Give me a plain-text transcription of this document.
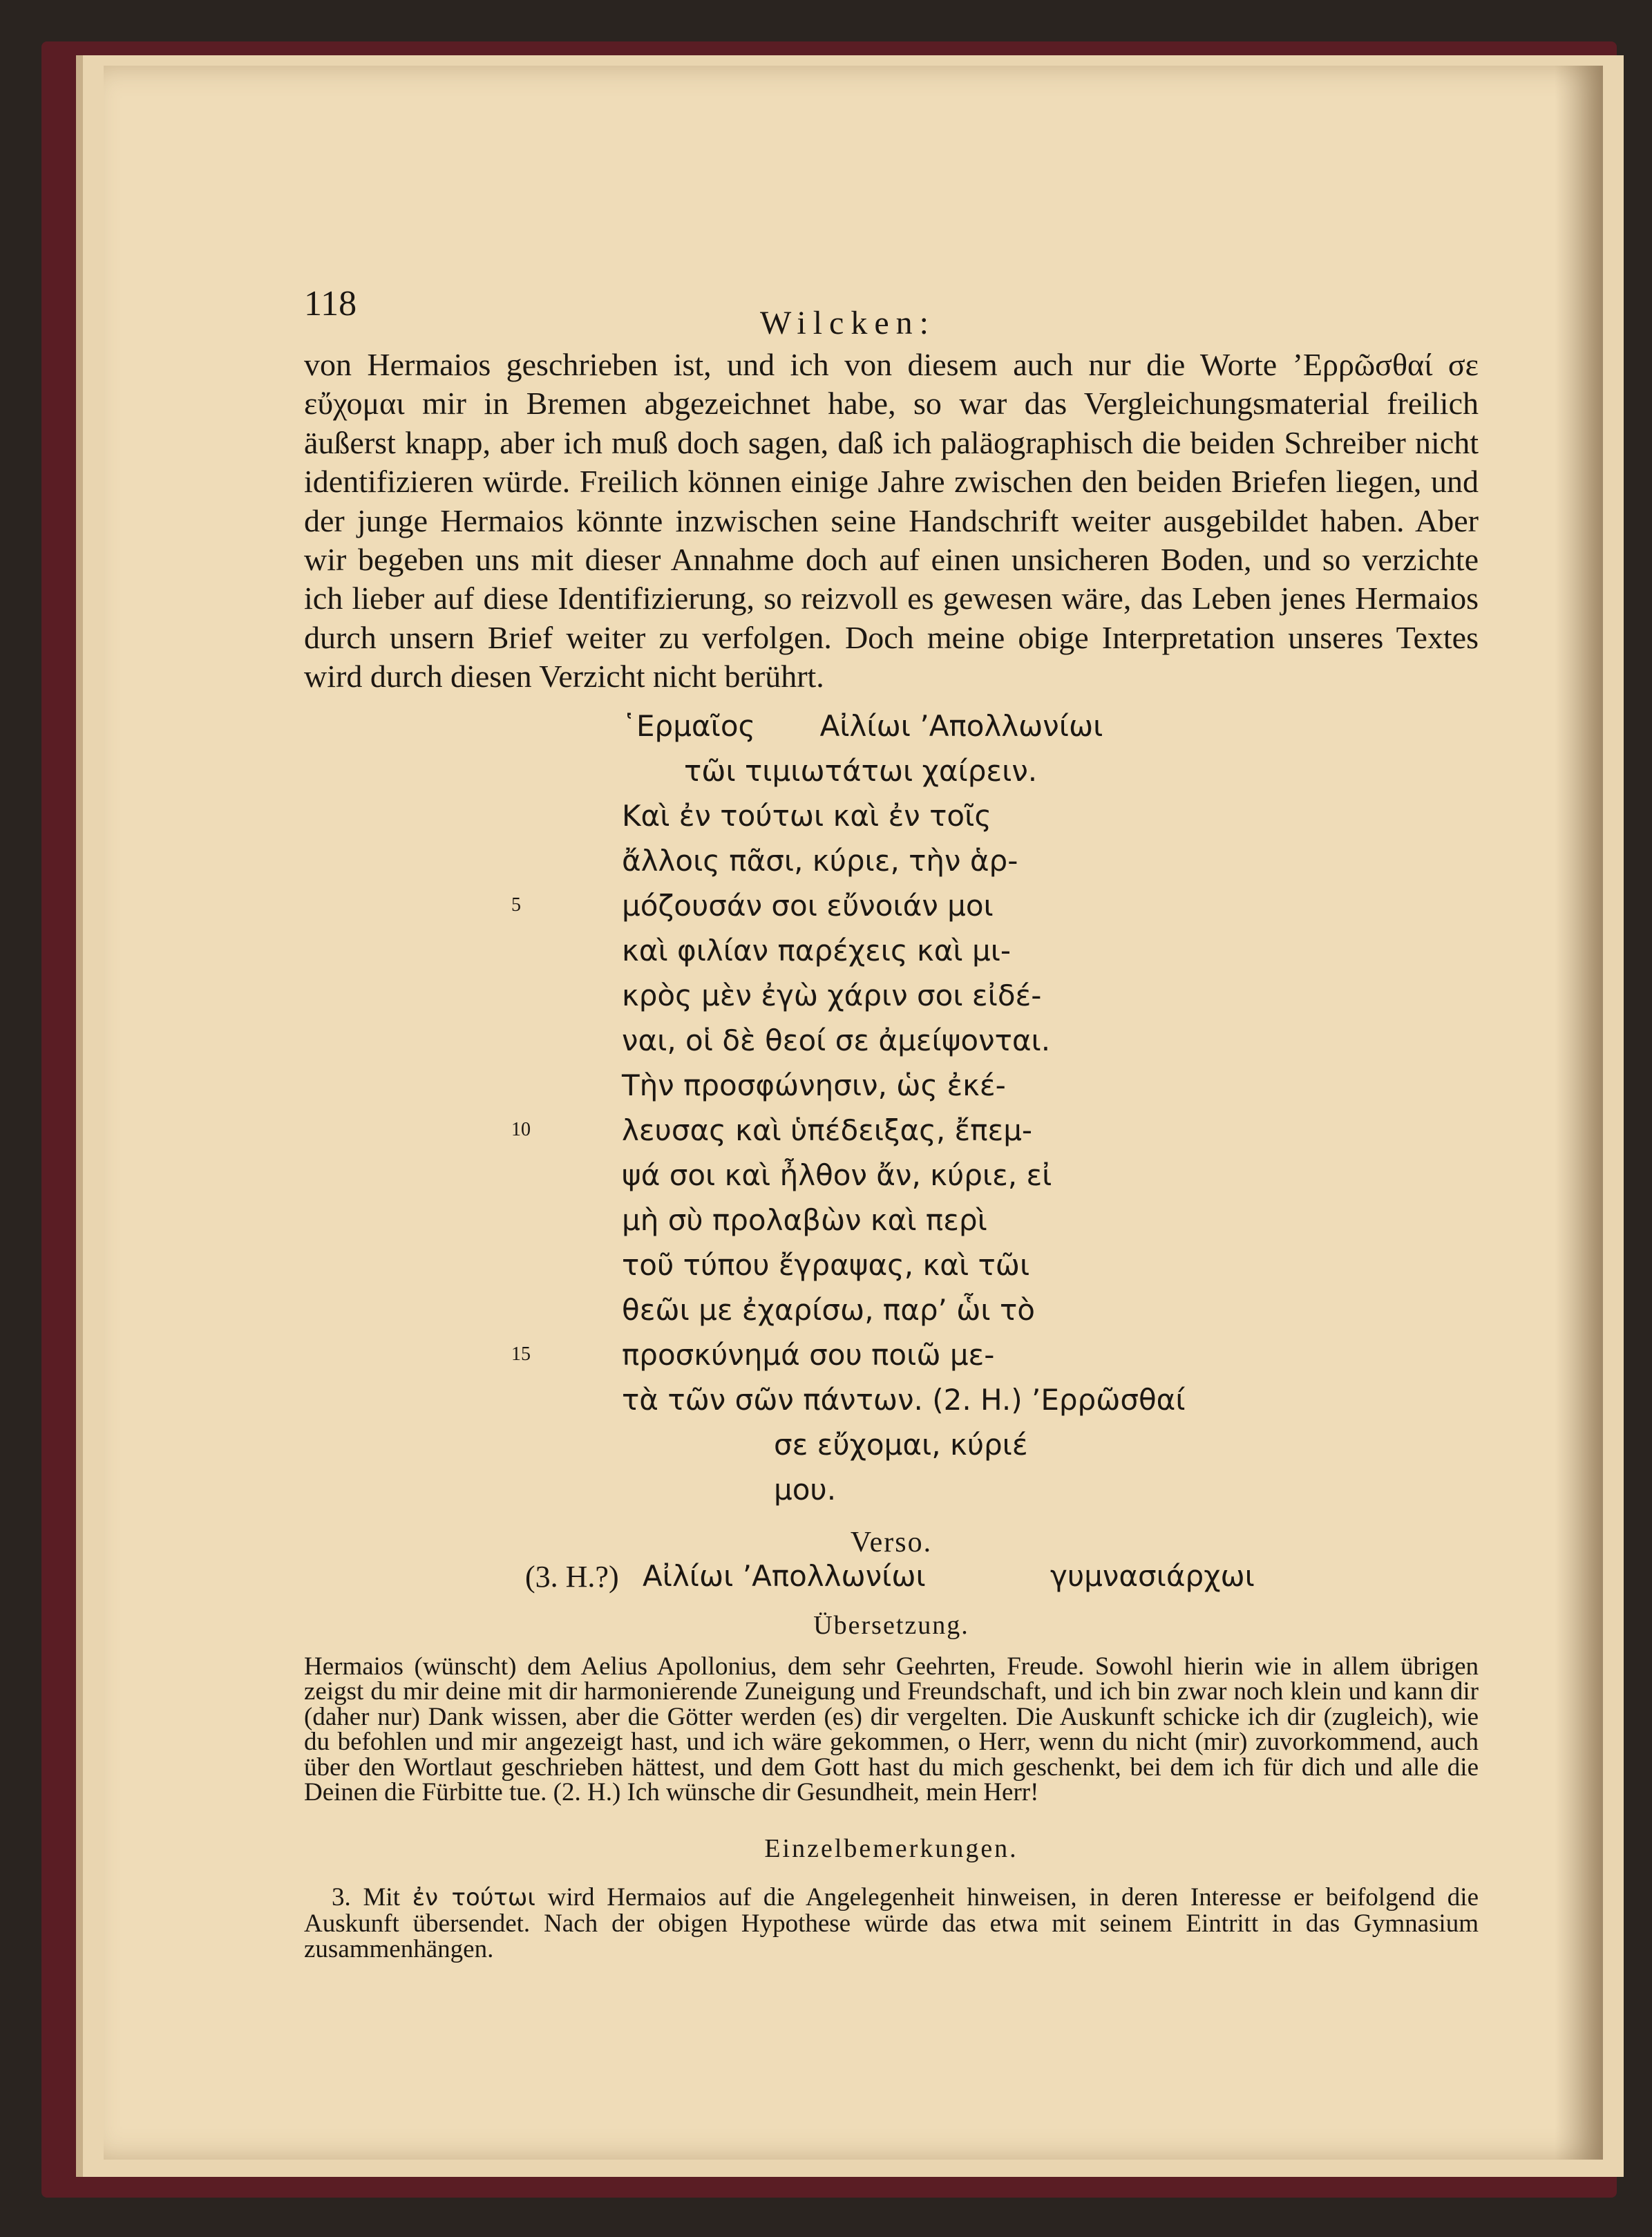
118	Wilcken:

von Hermaios geschrieben ist, und ich von diesem auch nur die Worte ’Ερρῶσθαί σε εὔχομαι mir in Bremen abgezeichnet habe, so war das Vergleichungsmaterial freilich äußerst knapp, aber ich muß doch sagen, daß ich paläographisch die beiden Schreiber nicht identifizieren würde. Freilich können einige Jahre zwischen den beiden Briefen liegen, und der junge Hermaios könnte inzwischen seine Handschrift weiter ausgebildet haben. Aber wir begeben uns mit dieser Annahme doch auf einen unsicheren Boden, und so verzichte ich lieber auf diese Identifizierung, so reizvoll es gewesen wäre, das Leben jenes Hermaios durch unsern Brief weiter zu verfolgen. Doch meine obige Interpretation unseres Textes wird durch diesen Verzicht nicht berührt.

῾Ερμαῖος       Αἰλίωι ’Απολλωνίωι
τῶι τιμιωτάτωι χαίρειν.
Καὶ ἐν τούτωι καὶ ἐν τοῖς
ἄλλοις πᾶσι, κύριε, τὴν ἁρ-
5	μόζουσάν σοι εὔνοιάν μοι
καὶ φιλίαν παρέχεις καὶ μι-
κρὸς μὲν ἐγὼ χάριν σοι εἰδέ-
ναι, οἱ δὲ θεοί σε ἀμείψονται.
Τὴν προσφώνησιν, ὡς ἐκέ-
10	λευσας καὶ ὑπέδειξας, ἔπεμ-
ψά σοι καὶ ἦλθον ἄν, κύριε, εἰ
μὴ σὺ προλαβὼν καὶ περὶ
τοῦ τύπου ἔγραψας, καὶ τῶι
θεῶι με ἐχαρίσω, παρ’ ὧι τὸ
15	προσκύνημά σου ποιῶ με-
τὰ τῶν σῶν πάντων. (2. H.) ’Ερρῶσθαί
σε εὔχομαι, κύριέ
μου.
Verso.
(3. H.?) Αἰλίωι ’Απολλωνίωι	γυμνασιάρχωι
Übersetzung.

Hermaios (wünscht) dem Aelius Apollonius, dem sehr Geehrten, Freude. Sowohl hierin wie in allem übrigen zeigst du mir deine mit dir harmonierende Zuneigung und Freundschaft, und ich bin zwar noch klein und kann dir (daher nur) Dank wissen, aber die Götter werden (es) dir vergelten. Die Auskunft schicke ich dir (zugleich), wie du befohlen und mir angezeigt hast, und ich wäre gekommen, o Herr, wenn du nicht (mir) zuvorkommend, auch über den Wortlaut geschrieben hättest, und dem Gott hast du mich geschenkt, bei dem ich für dich und alle die Deinen die Fürbitte tue. (2. H.) Ich wünsche dir Gesundheit, mein Herr!

Einzelbemerkungen.

3. Mit ἐν τούτωι wird Hermaios auf die Angelegenheit hinweisen, in deren Interesse er beifolgend die Auskunft übersendet. Nach der obigen Hypothese würde das etwa mit seinem Eintritt in das Gymnasium zusammenhängen.
